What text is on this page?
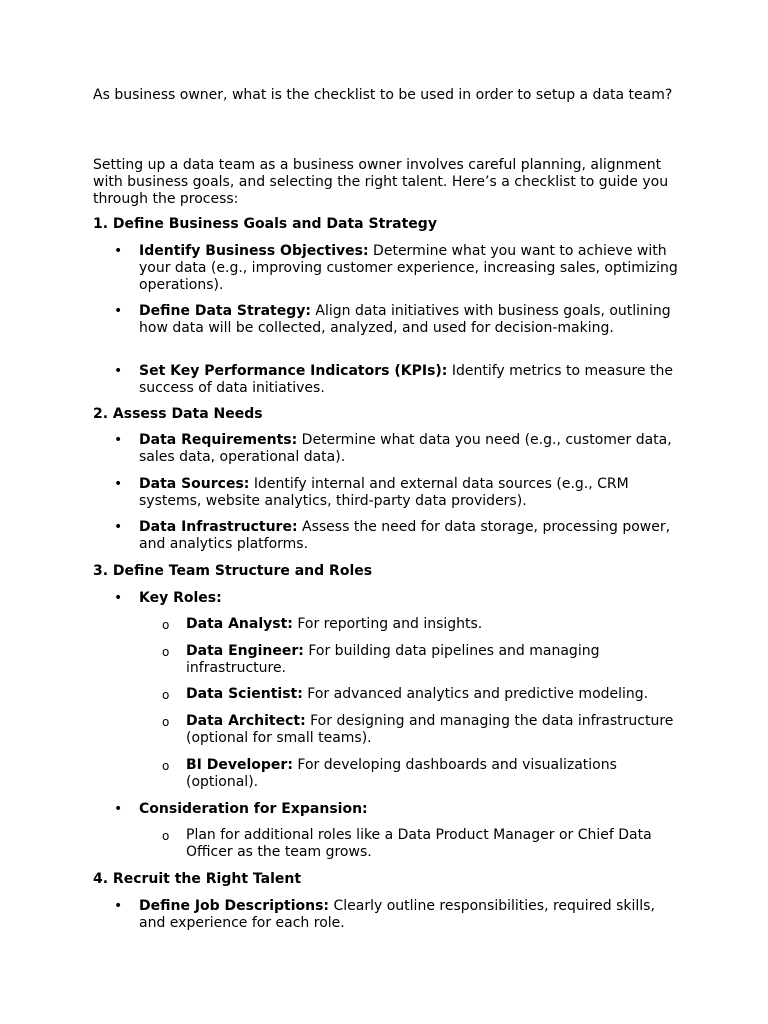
As business owner, what is the checklist to be used in order to setup a data team?

Setting up a data team as a business owner involves careful planning, alignment with business goals, and selecting the right talent. Here’s a checklist to guide you through the process:

1. Define Business Goals and Data Strategy
• Identify Business Objectives: Determine what you want to achieve with your data (e.g., improving customer experience, increasing sales, optimizing operations).
• Define Data Strategy: Align data initiatives with business goals, outlining how data will be collected, analyzed, and used for decision-making.
• Set Key Performance Indicators (KPIs): Identify metrics to measure the success of data initiatives.
2. Assess Data Needs
• Data Requirements: Determine what data you need (e.g., customer data, sales data, operational data).
• Data Sources: Identify internal and external data sources (e.g., CRM systems, website analytics, third-party data providers).
• Data Infrastructure: Assess the need for data storage, processing power, and analytics platforms.
3. Define Team Structure and Roles
• Key Roles:
o Data Analyst: For reporting and insights.
o Data Engineer: For building data pipelines and managing infrastructure.
o Data Scientist: For advanced analytics and predictive modeling.
o Data Architect: For designing and managing the data infrastructure (optional for small teams).
o BI Developer: For developing dashboards and visualizations (optional).
• Consideration for Expansion:
o Plan for additional roles like a Data Product Manager or Chief Data Officer as the team grows.
4. Recruit the Right Talent
• Define Job Descriptions: Clearly outline responsibilities, required skills, and experience for each role.
